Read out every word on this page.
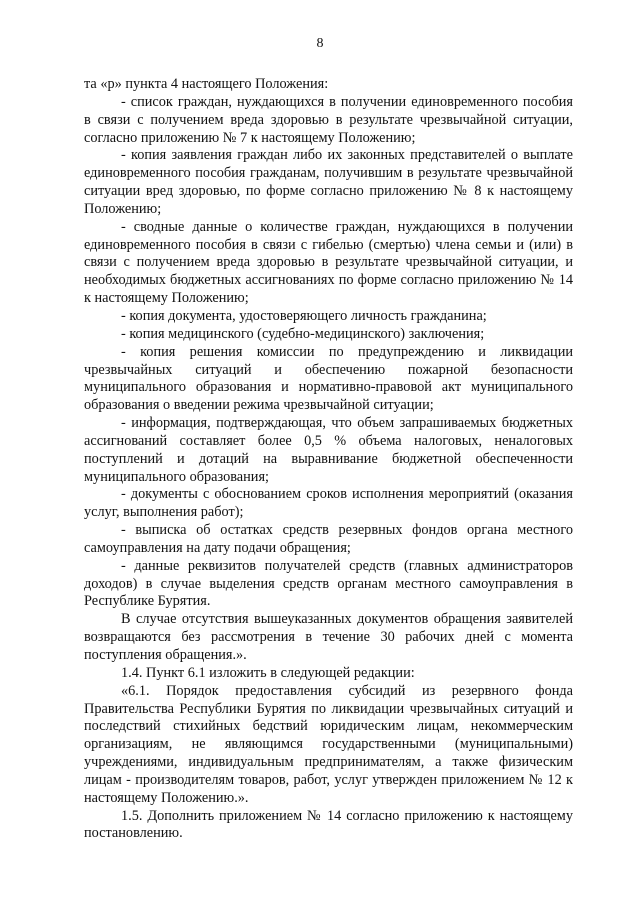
8

та «р» пункта 4 настоящего Положения:

- список граждан, нуждающихся в получении единовременного пособия в связи с получением вреда здоровью в результате чрезвычайной ситуации, согласно приложению № 7 к настоящему Положению;

- копия заявления граждан либо их законных представителей о выплате единовременного пособия гражданам, получившим в результате чрезвычайной ситуации вред здоровью, по форме согласно приложению № 8 к настоящему Положению;

- сводные данные о количестве граждан, нуждающихся в получении единовременного пособия в связи с гибелью (смертью) члена семьи и (или) в связи с получением вреда здоровью в результате чрезвычайной ситуации, и необходимых бюджетных ассигнованиях по форме согласно приложению № 14 к настоящему Положению;

- копия документа, удостоверяющего личность гражданина;

- копия медицинского (судебно-медицинского) заключения;

- копия решения комиссии по предупреждению и ликвидации чрезвычайных ситуаций и обеспечению пожарной безопасности муниципального образования и нормативно-правовой акт муниципального образования о введении режима чрезвычайной ситуации;

- информация, подтверждающая, что объем запрашиваемых бюджетных ассигнований составляет более 0,5 % объема налоговых, неналоговых поступлений и дотаций на выравнивание бюджетной обеспеченности муниципального образования;

- документы с обоснованием сроков исполнения мероприятий (оказания услуг, выполнения работ);

- выписка об остатках средств резервных фондов органа местного самоуправления на дату подачи обращения;

- данные реквизитов получателей средств (главных администраторов доходов) в случае выделения средств органам местного самоуправления в Республике Бурятия.

В случае отсутствия вышеуказанных документов обращения заявителей возвращаются без рассмотрения в течение 30 рабочих дней с момента поступления обращения.».

1.4. Пункт 6.1 изложить в следующей редакции:

«6.1. Порядок предоставления субсидий из резервного фонда Правительства Республики Бурятия по ликвидации чрезвычайных ситуаций и последствий стихийных бедствий юридическим лицам, некоммерческим организациям, не являющимся государственными (муниципальными) учреждениями, индивидуальным предпринимателям, а также физическим лицам - производителям товаров, работ, услуг утвержден приложением № 12 к настоящему Положению.».

1.5. Дополнить приложением № 14 согласно приложению к настоящему постановлению.
